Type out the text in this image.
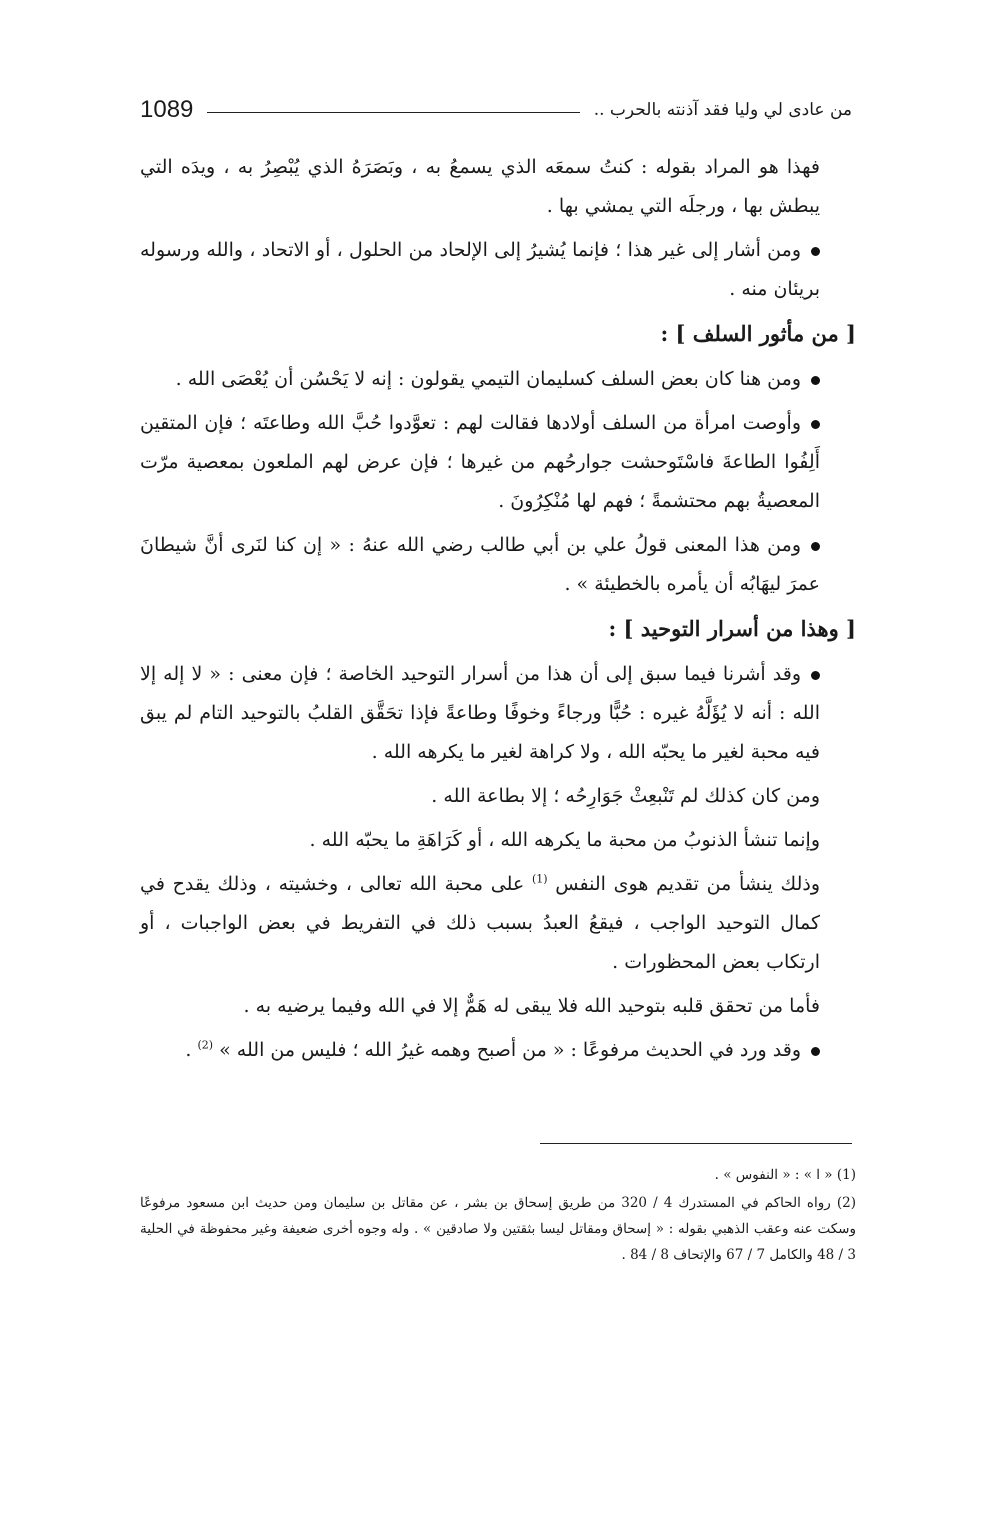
1089	من عادى لي وليا فقد آذنته بالحرب ..

فهذا هو المراد بقوله : كنتُ سمعَه الذي يسمعُ به ، وبَصَرَهُ الذي يُبْصِرُ به ، ويدَه التي يبطش بها ، ورجلَه التي يمشي بها .

ومن أشار إلى غير هذا ؛ فإنما يُشيرُ إلى الإلحاد من الحلول ، أو الاتحاد ، والله ورسوله بريئان منه .

[ من مأثور السلف ] :

ومن هنا كان بعض السلف كسليمان التيمي يقولون : إنه لا يَحْسُن أن يُعْصَى الله .

وأوصت امرأة من السلف أولادها فقالت لهم : تعوَّدوا حُبَّ الله وطاعتَه ؛ فإن المتقين أَلِفُوا الطاعةَ فاسْتَوحشت جوارحُهم من غيرها ؛ فإن عرض لهم الملعون بمعصية مرّت المعصيةُ بهم محتشمةً ؛ فهم لها مُنْكِرُونَ .

ومن هذا المعنى قولُ علي بن أبي طالب رضي الله عنهُ : « إن كنا لنَرى أنَّ شيطانَ عمرَ ليهَابُه أن يأمره بالخطيئة » .

[ وهذا من أسرار التوحيد ] :

وقد أشرنا فيما سبق إلى أن هذا من أسرار التوحيد الخاصة ؛ فإن معنى : « لا إله إلا الله : أنه لا يُؤَلَّهُ غيره : حُبًّا ورجاءً وخوفًا وطاعةً فإذا تحَقَّق القلبُ بالتوحيد التام لم يبق فيه محبة لغير ما يحبّه الله ، ولا كراهة لغير ما يكرهه الله .

ومن كان كذلك لم تَنْبعِثْ جَوَارِحُه ؛ إلا بطاعة الله .

وإنما تنشأ الذنوبُ من محبة ما يكرهه الله ، أو كَرَاهَةِ ما يحبّه الله .

وذلك ينشأ من تقديم هوى النفس $^{(1)}$ على محبة الله تعالى ، وخشيته ، وذلك يقدح في كمال التوحيد الواجب ، فيقعُ العبدُ بسبب ذلك في التفريط في بعض الواجبات ، أو ارتكاب بعض المحظورات .

فأما من تحقق قلبه بتوحيد الله فلا يبقى له هَمٌّ إلا في الله وفيما يرضيه به .

وقد ورد في الحديث مرفوعًا : « من أصبح وهمه غيرُ الله ؛ فليس من الله » $^{(2)}$ .

(1) « ا » : « النفوس » .

(2) رواه الحاكم في المستدرك 4 / 320 من طريق إسحاق بن بشر ، عن مقاتل بن سليمان ومن حديث ابن مسعود مرفوعًا وسكت عنه وعقب الذهبي بقوله : « إسحاق ومقاتل ليسا بثقتين ولا صادقين » . وله وجوه أخرى ضعيفة وغير محفوظة في الحلية 3 / 48 والكامل 7 / 67 والإتحاف 8 / 84 .
